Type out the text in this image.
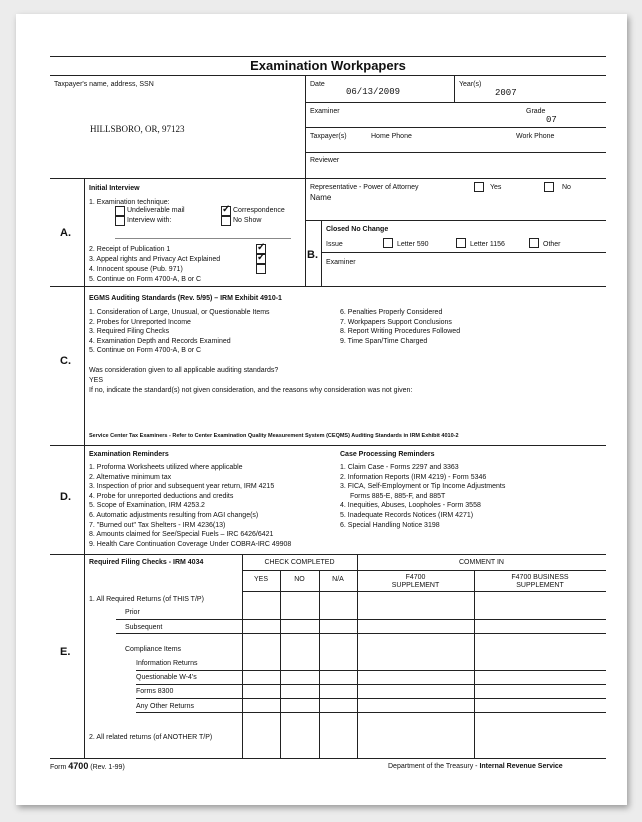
Examination Workpapers
Taxpayer's name, address, SSN
HILLSBORO, OR, 97123
Date
06/13/2009
Year(s)
2007
Examiner	Grade
07
Taxpayer(s)	Home Phone	Work Phone
Reviewer
A.
Initial Interview
1. Examination technique:
Undeliverable mail
✓	Correspondence
Interview with:	No Show
2. Receipt of Publication 1
✓
3. Appeal rights and Privacy Act Explained
✓
4. Innocent spouse (Pub. 971)
5. Continue on Form 4700-A, B or C
Representative - Power of Attorney	Yes	No
Name
B.
Closed No Change
Issue	Letter 590	Letter 1156	Other
Examiner
C.
EGMS Auditing Standards (Rev. 5/95) – IRM Exhibit 4910-1
1. Consideration of Large, Unusual, or Questionable Items
2. Probes for Unreported Income
3. Required Filing Checks
4. Examination Depth and Records Examined
5. Continue on Form 4700-A, B or C
6. Penalties Properly Considered
7. Workpapers Support Conclusions
8. Report Writing Procedures Followed
9. Time Span/Time Charged
Was consideration given to all applicable auditing standards?
YES
If no, indicate the standard(s) not given consideration, and the reasons why consideration was not given:
Service Center Tax Examiners - Refer to Center Examination Quality Measurement System (CEQMS) Auditing Standards in IRM Exhibit 4010-2
D.
Examination Reminders
1. Proforma Worksheets utilized where applicable
2. Alternative minimum tax
3. Inspection of prior and subsequent year return, IRM 4215
4. Probe for unreported deductions and credits
5. Scope of Examination, IRM 4253.2
6. Automatic adjustments resulting from AGI change(s)
7. "Burned out" Tax Shelters - IRM 4236(13)
8. Amounts claimed for See/Special Fuels – IRC 6426/6421
9. Health Care Continuation Coverage Under COBRA-IRC 49908
Case Processing Reminders
1. Claim Case - Forms 2297 and 3363
2. Information Reports (IRM 4219) - Form 5346
3. FICA, Self-Employment or Tip Income Adjustments
Forms 885-E, 885-F, and 885T
4. Inequities, Abuses, Loopholes - Form 3558
5. Inadequate Records Notices (IRM 4271)
6. Special Handling Notice 3198
E.
Required Filing Checks - IRM 4034	CHECK COMPLETED	COMMENT IN
YES	NO	N/A	F4700
SUPPLEMENT
F4700 BUSINESS
SUPPLEMENT
1. All Required Returns (of THIS T/P)
Prior
Subsequent
Compliance Items
Information Returns
Questionable W-4's
Forms 8300
Any Other Returns
2. All related returns (of ANOTHER T/P)
Form 4700 (Rev. 1-99)	Department of the Treasury - Internal Revenue Service
